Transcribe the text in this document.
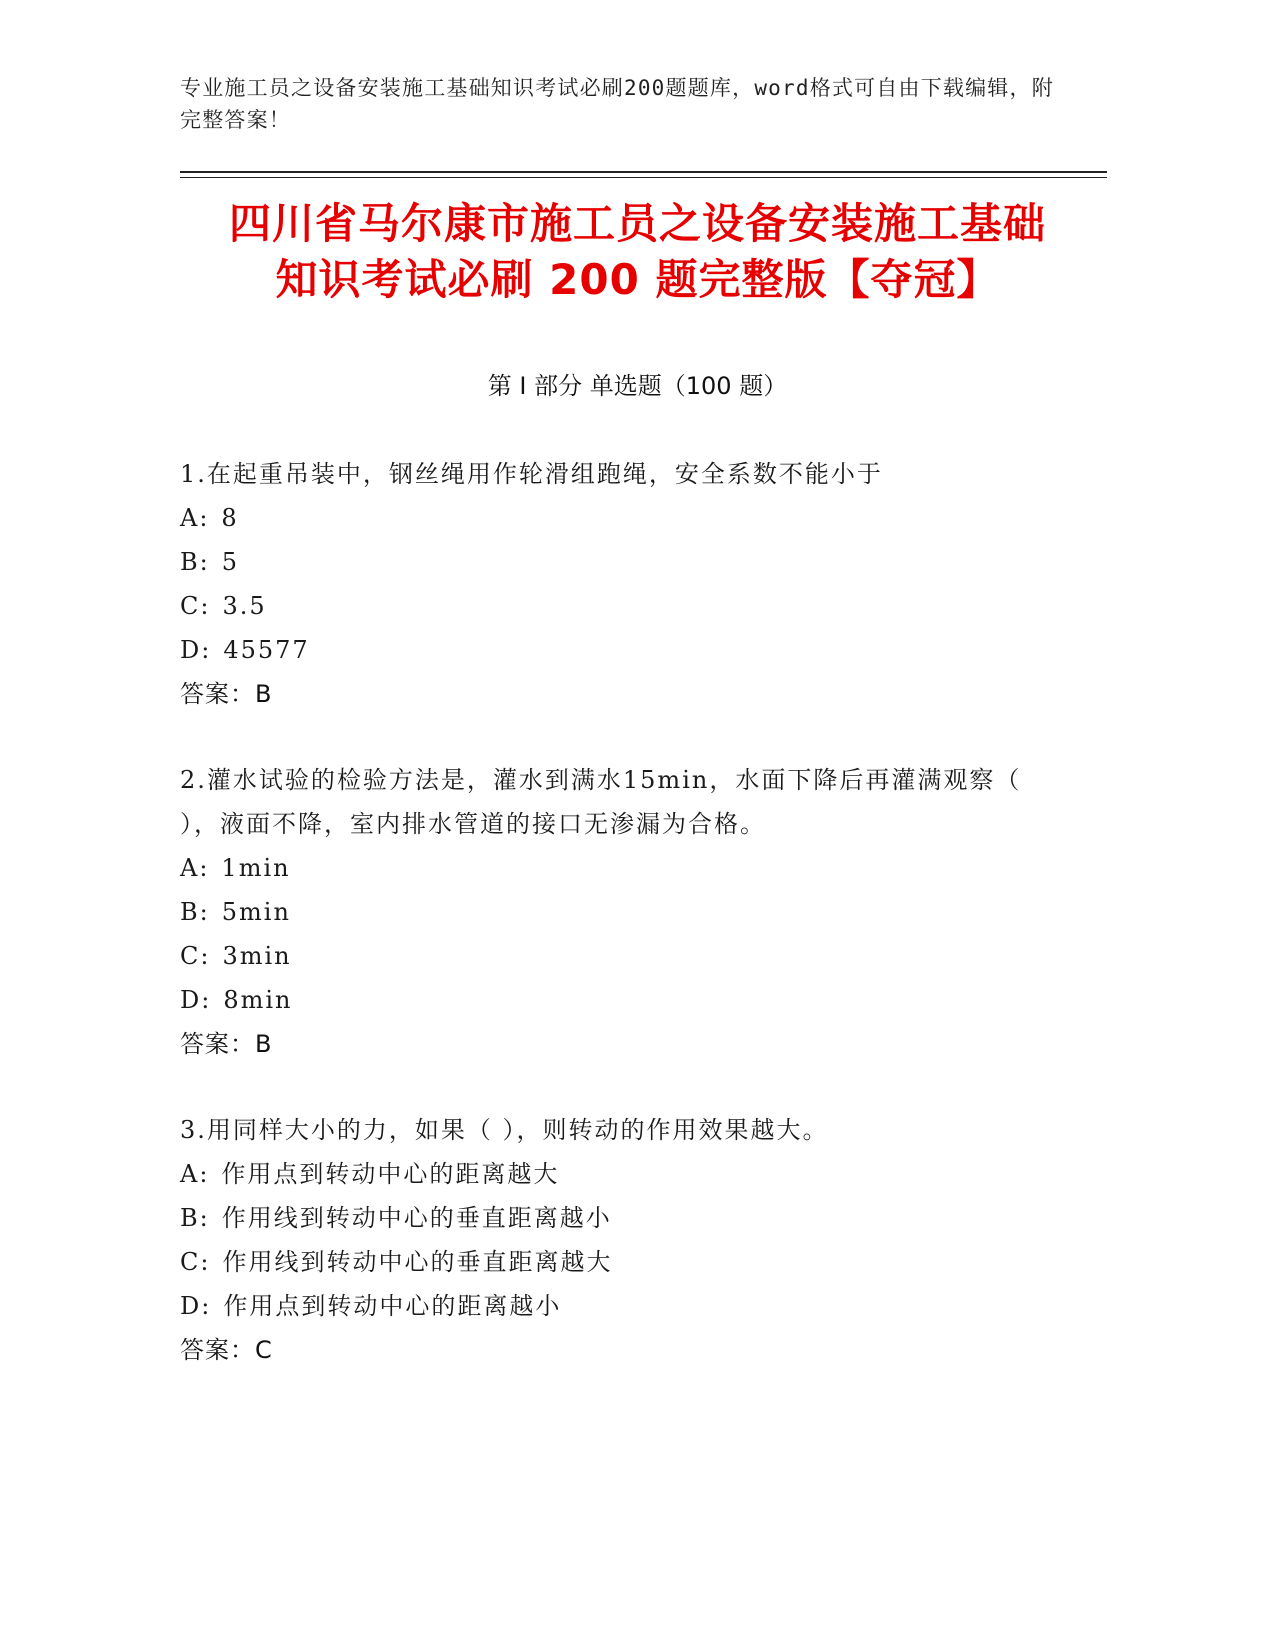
专业施工员之设备安装施工基础知识考试必刷200题题库，word格式可自由下载编辑，附完整答案！
四川省马尔康市施工员之设备安装施工基础
知识考试必刷 200 题完整版【夺冠】
第 I 部分 单选题（100 题）
1.在起重吊装中，钢丝绳用作轮滑组跑绳，安全系数不能小于
A: 8
B: 5
C: 3.5
D: 45577
答案：B
2.灌水试验的检验方法是，灌水到满水15min，水面下降后再灌满观察（ ），液面不降，室内排水管道的接口无渗漏为合格。
A: 1min
B: 5min
C: 3min
D: 8min
答案：B
3.用同样大小的力，如果（ ），则转动的作用效果越大。
A: 作用点到转动中心的距离越大
B: 作用线到转动中心的垂直距离越小
C: 作用线到转动中心的垂直距离越大
D: 作用点到转动中心的距离越小
答案：C
